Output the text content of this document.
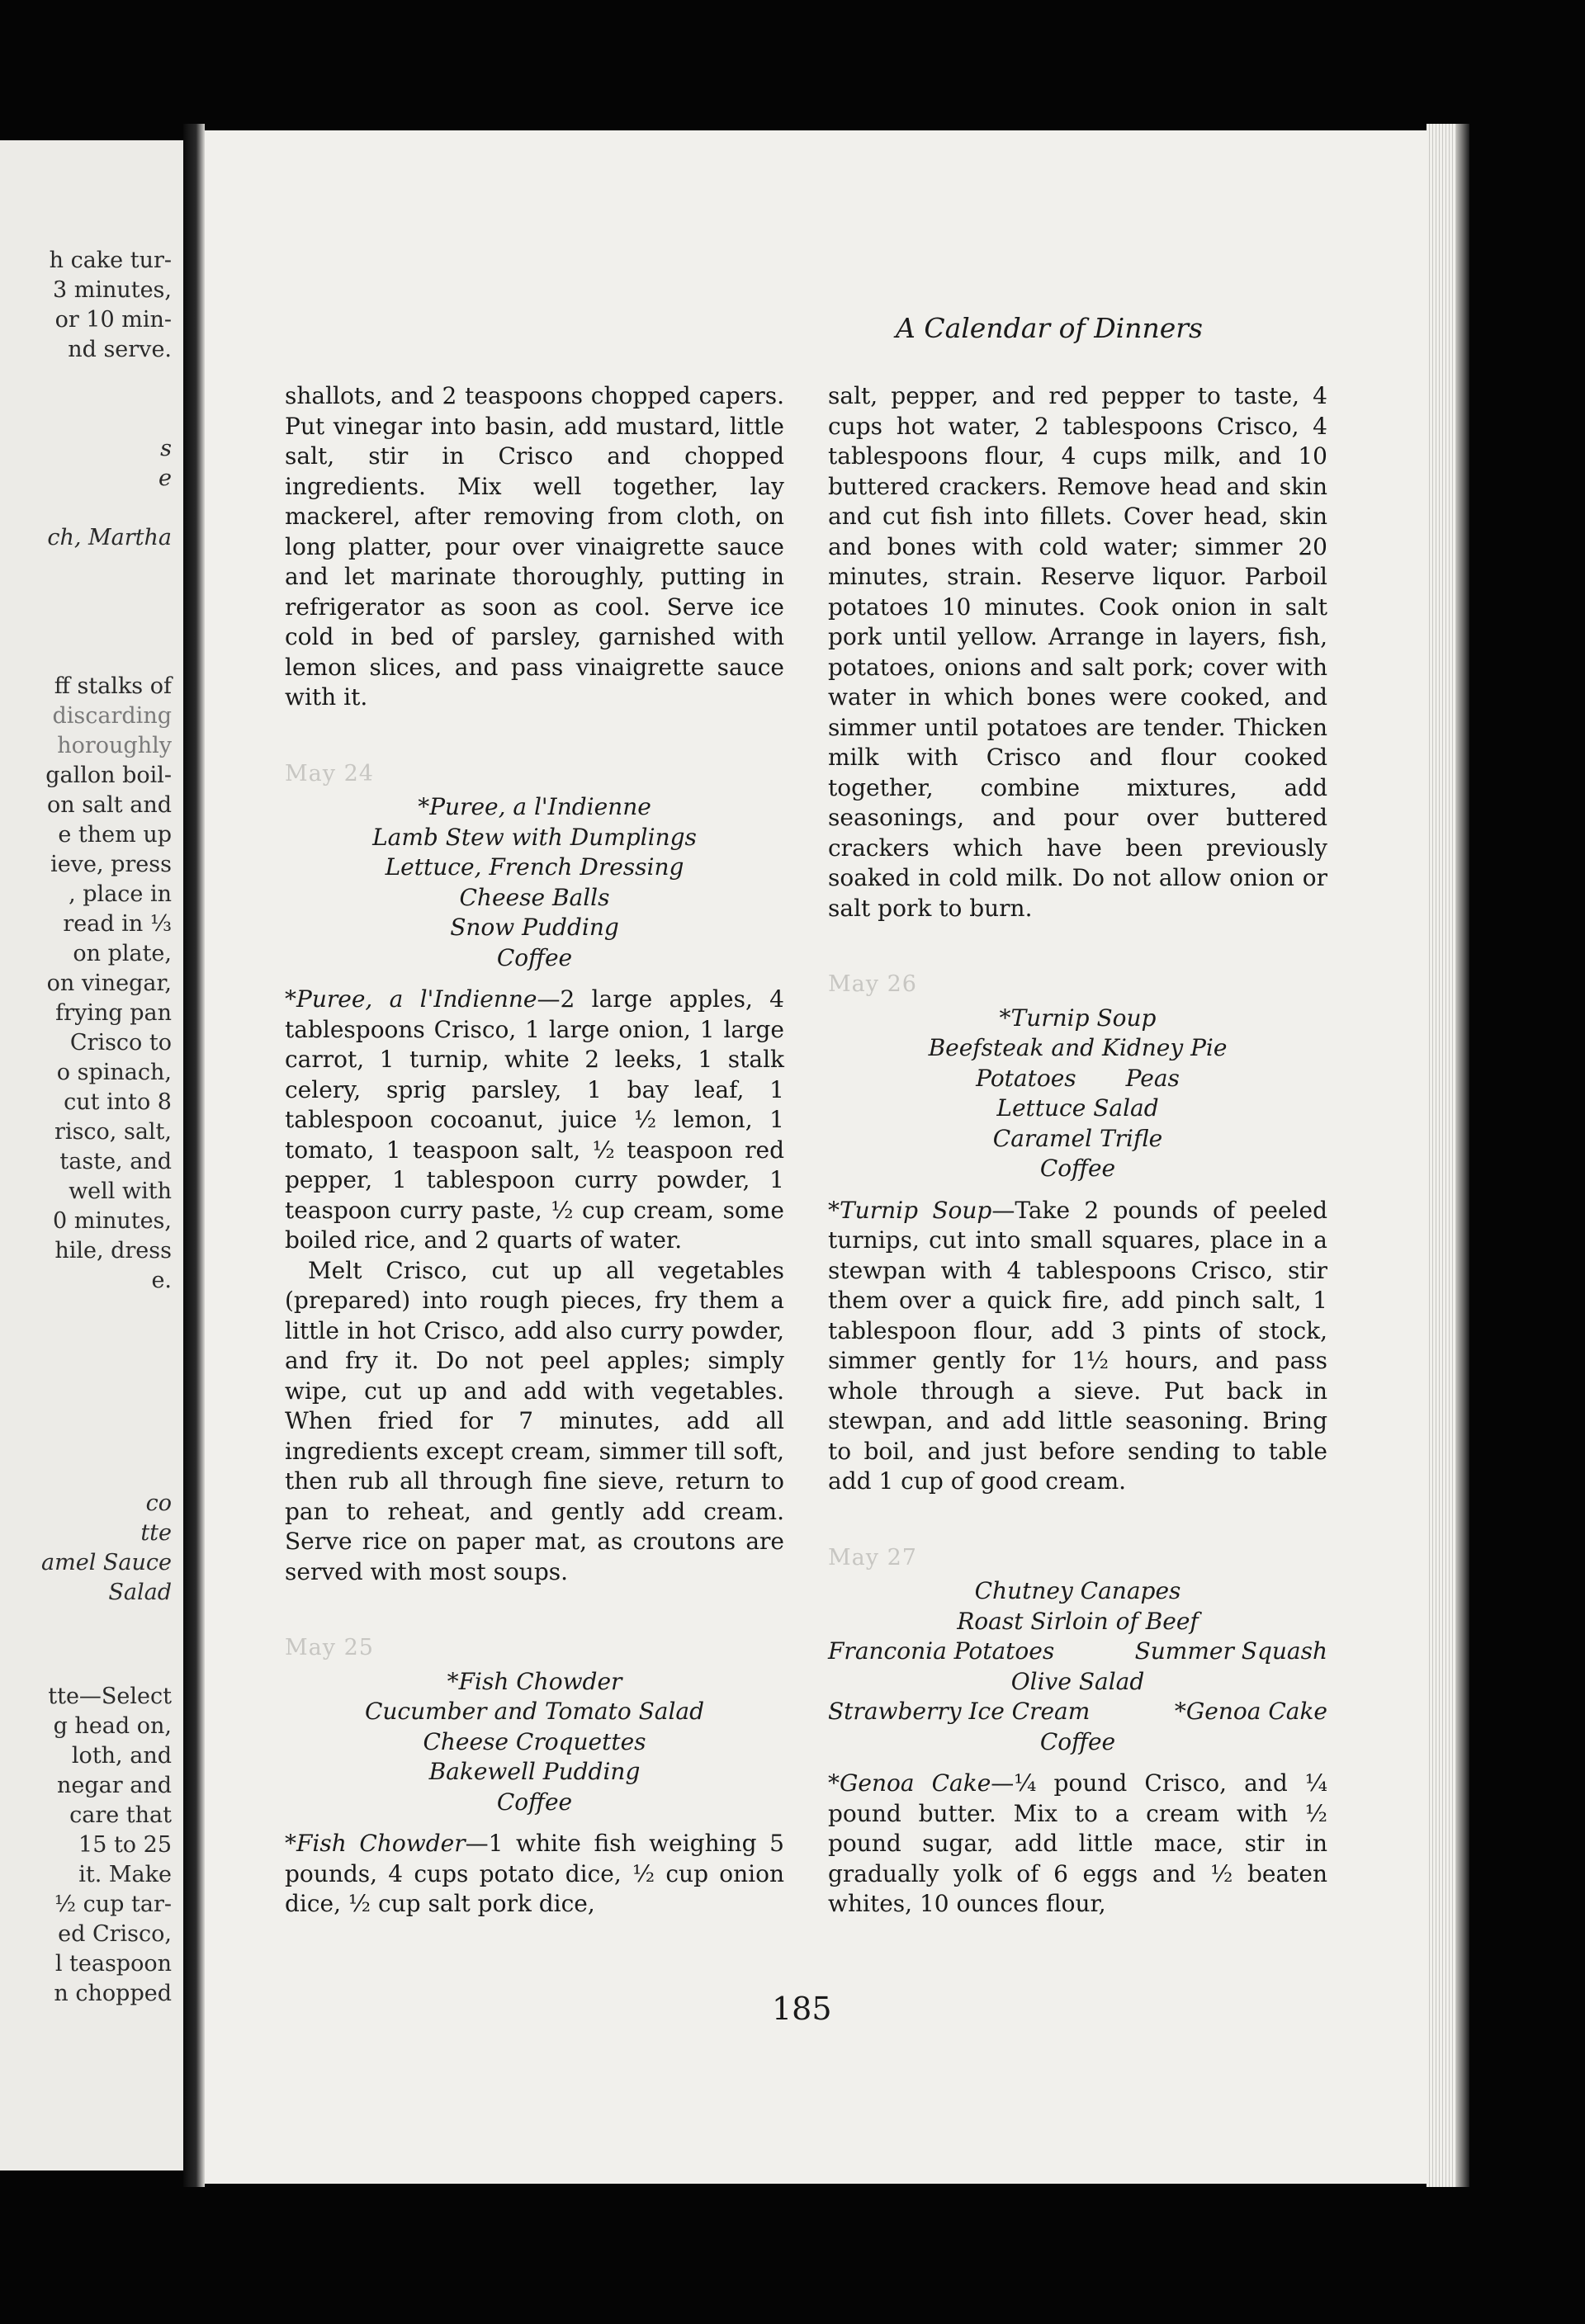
h cake tur-
3 minutes,
or 10 min-
nd serve.
s
e
ch, Martha
ff stalks of
discarding
horoughly
gallon boil-
on salt and
e them up
ieve, press
, place in
read in ⅓
on plate,
on vinegar,
frying pan
Crisco to
o spinach,
cut into 8
risco, salt,
taste, and
well with
0 minutes,
hile, dress
e.
co
tte
amel Sauce
Salad
tte—Select
g head on,
loth, and
negar and
care that
15 to 25
it. Make
½ cup tar-
ed Crisco,
l teaspoon
n chopped
A Calendar of Dinners

shallots, and 2 teaspoons chopped capers. Put vinegar into basin, add mustard, little salt, stir in Crisco and chopped ingredients. Mix well together, lay mackerel, after removing from cloth, on long platter, pour over vinaigrette sauce and let marinate thoroughly, putting in refrigerator as soon as cool. Serve ice cold in bed of parsley, garnished with lemon slices, and pass vinaigrette sauce with it.

May 24
*Puree, a l'Indienne
Lamb Stew with Dumplings
Lettuce, French Dressing
Cheese Balls
Snow Pudding
Coffee

*Puree, a l'Indienne—2 large apples, 4 tablespoons Crisco, 1 large onion, 1 large carrot, 1 turnip, white 2 leeks, 1 stalk celery, sprig parsley, 1 bay leaf, 1 tablespoon cocoanut, juice ½ lemon, 1 tomato, 1 teaspoon salt, ½ teaspoon red pepper, 1 tablespoon curry powder, 1 teaspoon curry paste, ½ cup cream, some boiled rice, and 2 quarts of water.

Melt Crisco, cut up all vegetables (prepared) into rough pieces, fry them a little in hot Crisco, add also curry powder, and fry it. Do not peel apples; simply wipe, cut up and add with vegetables. When fried for 7 minutes, add all ingredients except cream, simmer till soft, then rub all through fine sieve, return to pan to reheat, and gently add cream. Serve rice on paper mat, as croutons are served with most soups.

May 25
*Fish Chowder
Cucumber and Tomato Salad
Cheese Croquettes
Bakewell Pudding
Coffee

*Fish Chowder—1 white fish weighing 5 pounds, 4 cups potato dice, ½ cup onion dice, ½ cup salt pork dice,

salt, pepper, and red pepper to taste, 4 cups hot water, 2 tablespoons Crisco, 4 tablespoons flour, 4 cups milk, and 10 buttered crackers. Remove head and skin and cut fish into fillets. Cover head, skin and bones with cold water; simmer 20 minutes, strain. Reserve liquor. Parboil potatoes 10 minutes. Cook onion in salt pork until yellow. Arrange in layers, fish, potatoes, onions and salt pork; cover with water in which bones were cooked, and simmer until potatoes are tender. Thicken milk with Crisco and flour cooked together, combine mixtures, add seasonings, and pour over buttered crackers which have been previously soaked in cold milk. Do not allow onion or salt pork to burn.

May 26
*Turnip Soup
Beefsteak and Kidney Pie
Potatoes Peas
Lettuce Salad
Caramel Trifle
Coffee

*Turnip Soup—Take 2 pounds of peeled turnips, cut into small squares, place in a stewpan with 4 tablespoons Crisco, stir them over a quick fire, add pinch salt, 1 tablespoon flour, add 3 pints of stock, simmer gently for 1½ hours, and pass whole through a sieve. Put back in stewpan, and add little seasoning. Bring to boil, and just before sending to table add 1 cup of good cream.

May 27
Chutney Canapes
Roast Sirloin of Beef
Franconia Potatoes	Summer Squash
Olive Salad
Strawberry Ice Cream	*Genoa Cake
Coffee

*Genoa Cake—¼ pound Crisco, and ¼ pound butter. Mix to a cream with ½ pound sugar, add little mace, stir in gradually yolk of 6 eggs and ½ beaten whites, 10 ounces flour,

185
